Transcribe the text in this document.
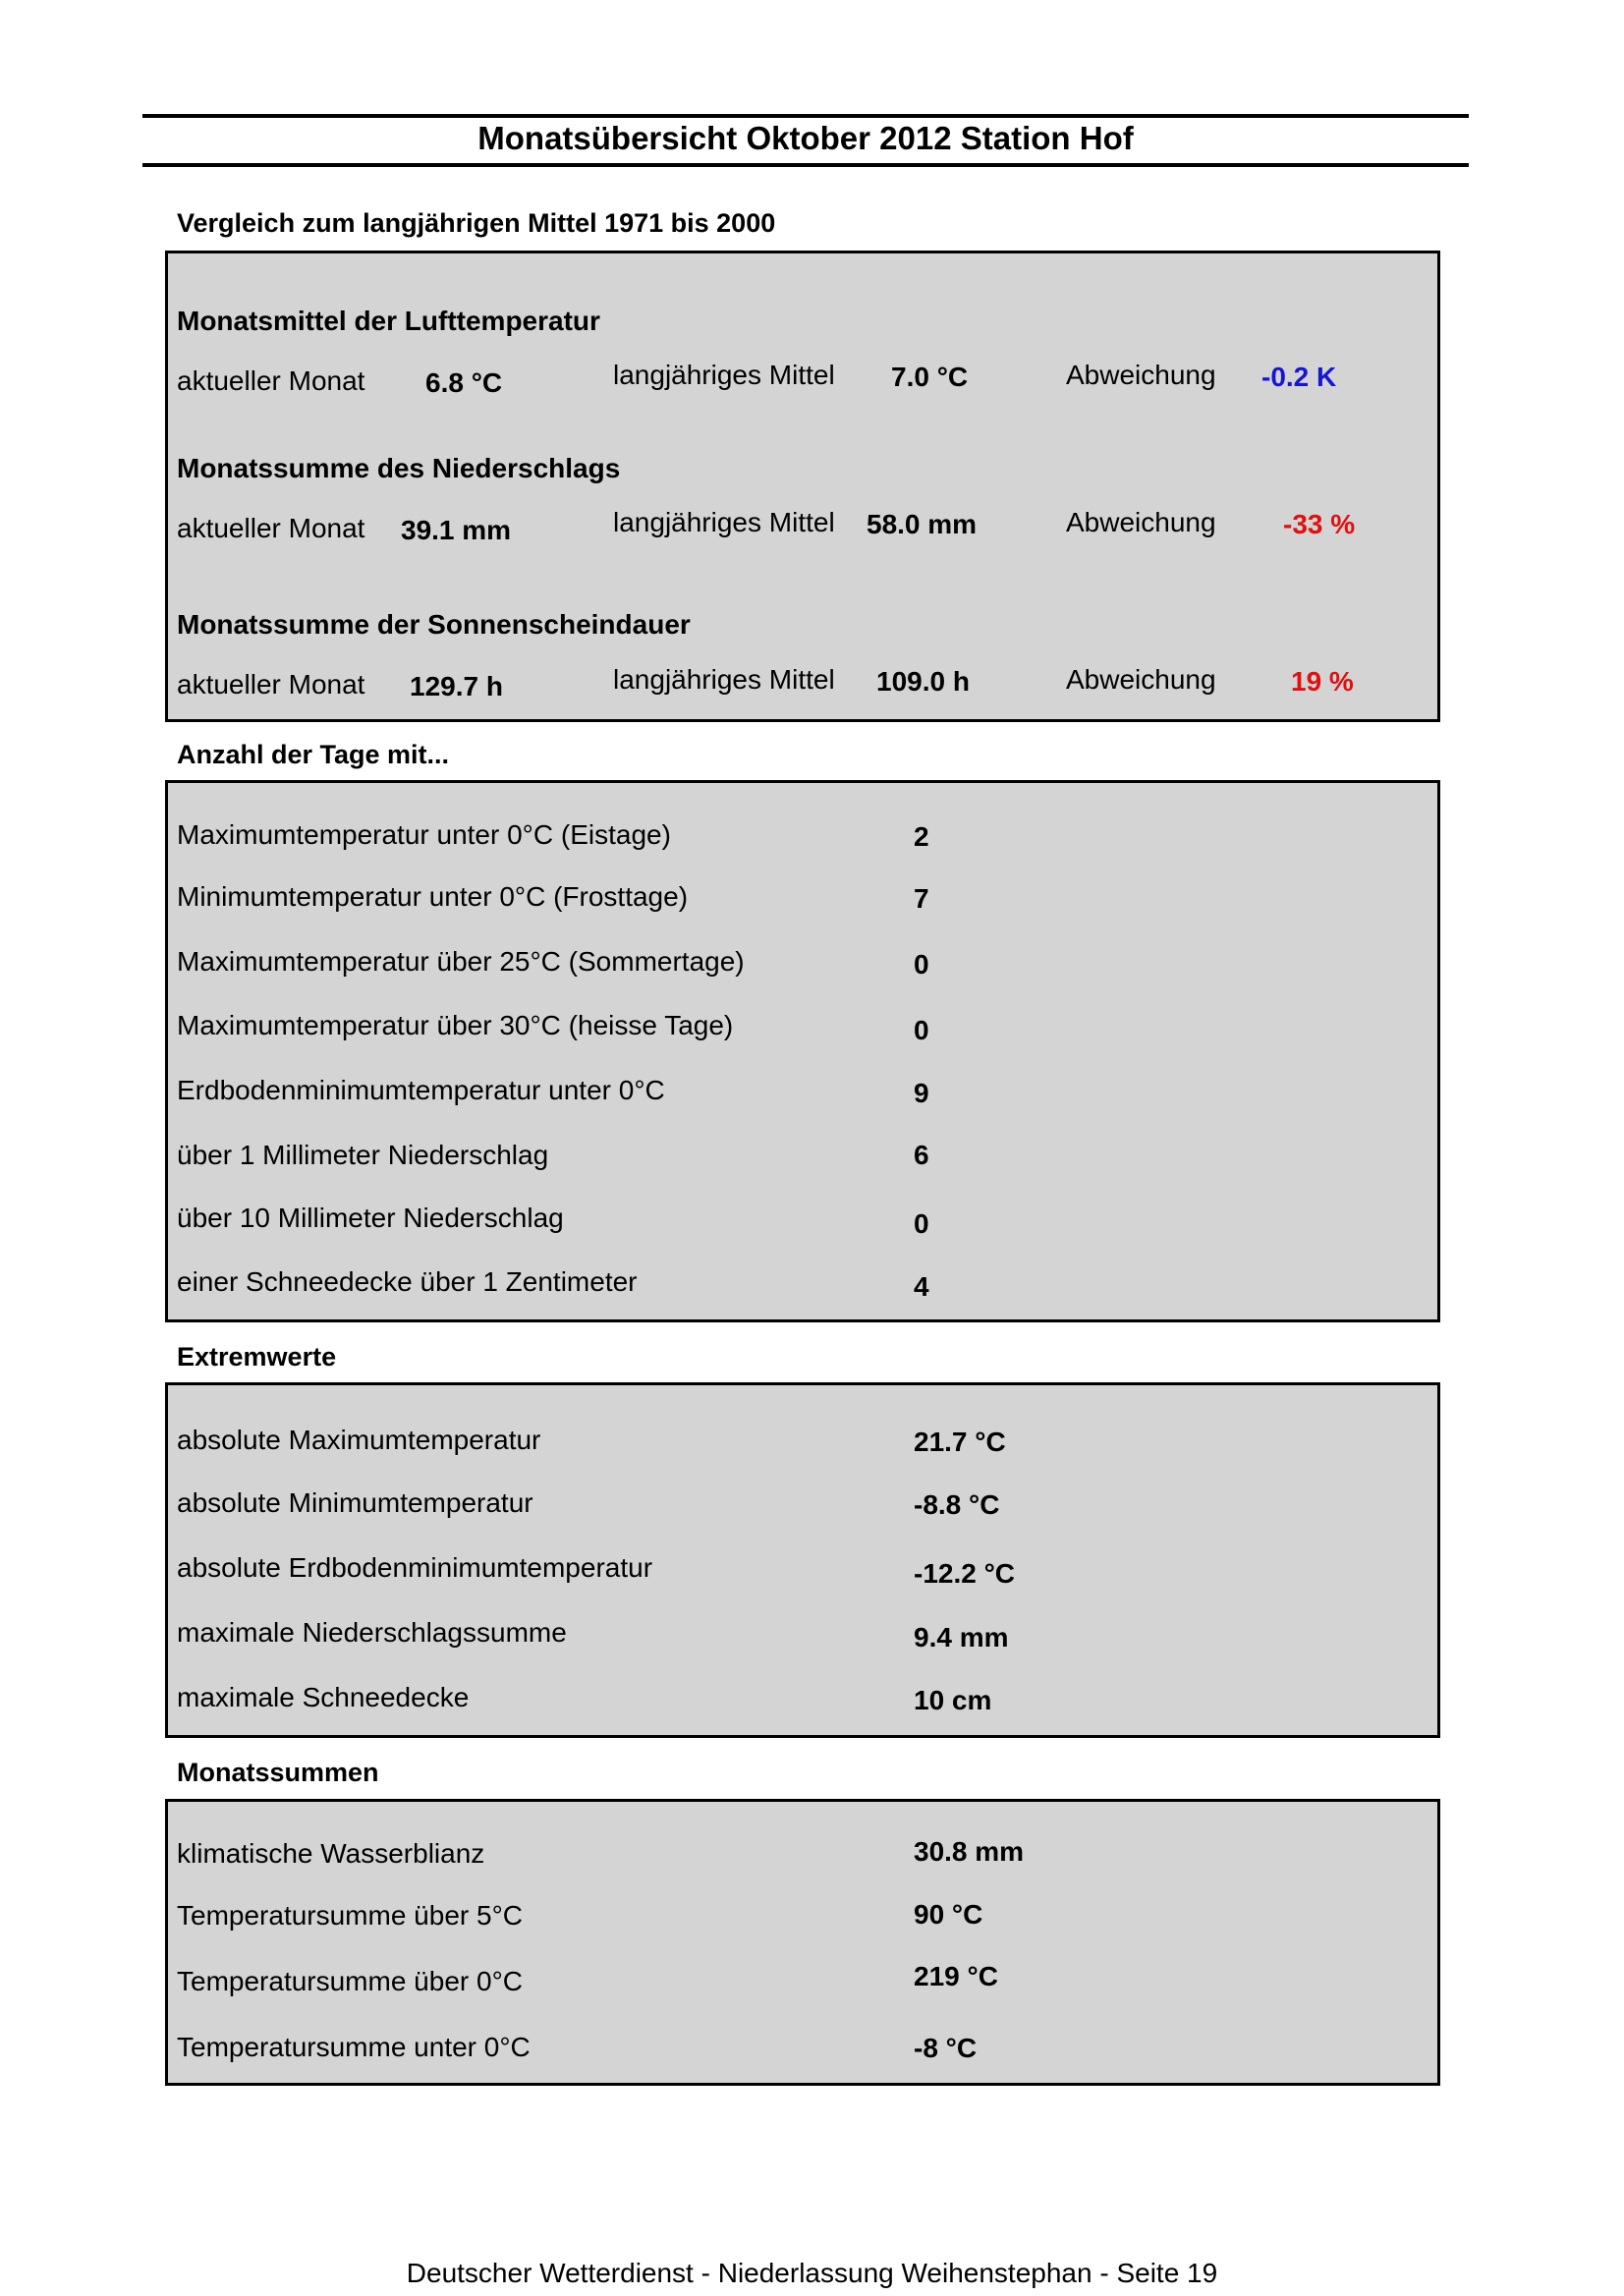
Monatsübersicht Oktober 2012 Station Hof
Vergleich zum langjährigen Mittel 1971 bis 2000
Monatsmittel der Lufttemperatur
aktueller Monat 6.8 °C	langjähriges Mittel 7.0 °C	Abweichung -0.2 K
Monatssumme des Niederschlags
aktueller Monat 39.1 mm	langjähriges Mittel 58.0 mm	Abweichung -33 %
Monatssumme der Sonnenscheindauer
aktueller Monat 129.7 h	langjähriges Mittel 109.0 h	Abweichung	19 %
Anzahl der Tage mit...
Maximumtemperatur unter 0°C (Eistage)	2
Minimumtemperatur unter 0°C (Frosttage)	7
Maximumtemperatur über 25°C (Sommertage)	0
Maximumtemperatur über 30°C (heisse Tage)	0
Erdbodenminimumtemperatur unter 0°C	9
über 1 Millimeter Niederschlag	6
über 10 Millimeter Niederschlag	0
einer Schneedecke über 1 Zentimeter	4
Extremwerte
absolute Maximumtemperatur	21.7 °C
absolute Minimumtemperatur	-8.8 °C
absolute Erdbodenminimumtemperatur	-12.2 °C
maximale Niederschlagssumme	9.4 mm
maximale Schneedecke	10 cm
Monatssummen
klimatische Wasserblianz	30.8 mm
Temperatursumme über 5°C	90 °C
Temperatursumme über 0°C	219 °C
Temperatursumme unter 0°C	-8 °C
Deutscher Wetterdienst - Niederlassung Weihenstephan - Seite 19
